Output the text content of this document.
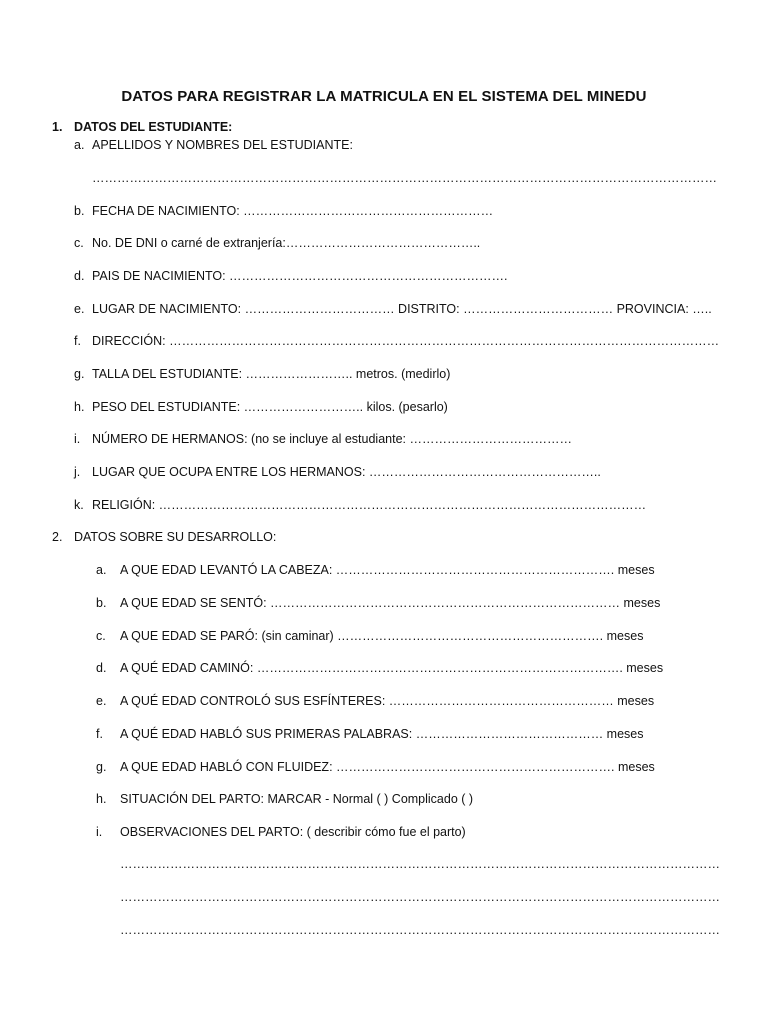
DATOS PARA REGISTRAR LA MATRICULA EN EL SISTEMA DEL MINEDU
1. DATOS DEL ESTUDIANTE:
a. APELLIDOS Y NOMBRES DEL ESTUDIANTE:
……………………………………………………………………………………………………………………………………
b. FECHA DE NACIMIENTO: ……………………………………………………
c. No. DE DNI o carné de extranjería:………………………………………..
d. PAIS DE NACIMIENTO: ………………………………………………………….
e. LUGAR DE NACIMIENTO: ……………………………… DISTRITO: ……………………………… PROVINCIA: …..
f. DIRECCIÓN: ……………………………………………………………………………………………………………………
g. TALLA DEL ESTUDIANTE: …………………….. metros. (medirlo)
h. PESO DEL ESTUDIANTE: ……………………….. kilos. (pesarlo)
i. NÚMERO DE HERMANOS: (no se incluye al estudiante: …………………………………
j. LUGAR QUE OCUPA ENTRE LOS HERMANOS: ………………………………………………..
k. RELIGIÓN: ………………………………………………………………………………………………………
2. DATOS SOBRE SU DESARROLLO:
a. A QUE EDAD LEVANTÓ LA CABEZA: …………………………………………………………. meses
b. A QUE EDAD SE SENTÓ: ………………………………………………………………………… meses
c. A QUE EDAD SE PARÓ: (sin caminar) ………………………………………………………. meses
d. A QUÉ EDAD CAMINÓ: ……………………………………………………………………………. meses
e. A QUÉ EDAD CONTROLÓ SUS ESFÍNTERES: ……………………………………………… meses
f. A QUÉ EDAD HABLÓ SUS PRIMERAS PALABRAS: ……………………………………… meses
g. A QUE EDAD HABLÓ CON FLUIDEZ: …………………………………………………………. meses
h. SITUACIÓN DEL PARTO: MARCAR - Normal ( ) Complicado ( )
i. OBSERVACIONES DEL PARTO: ( describir cómo fue el parto)
………………………………………………………………………………………………………………………………
………………………………………………………………………………………………………………………………
………………………………………………………………………………………………………………………………
